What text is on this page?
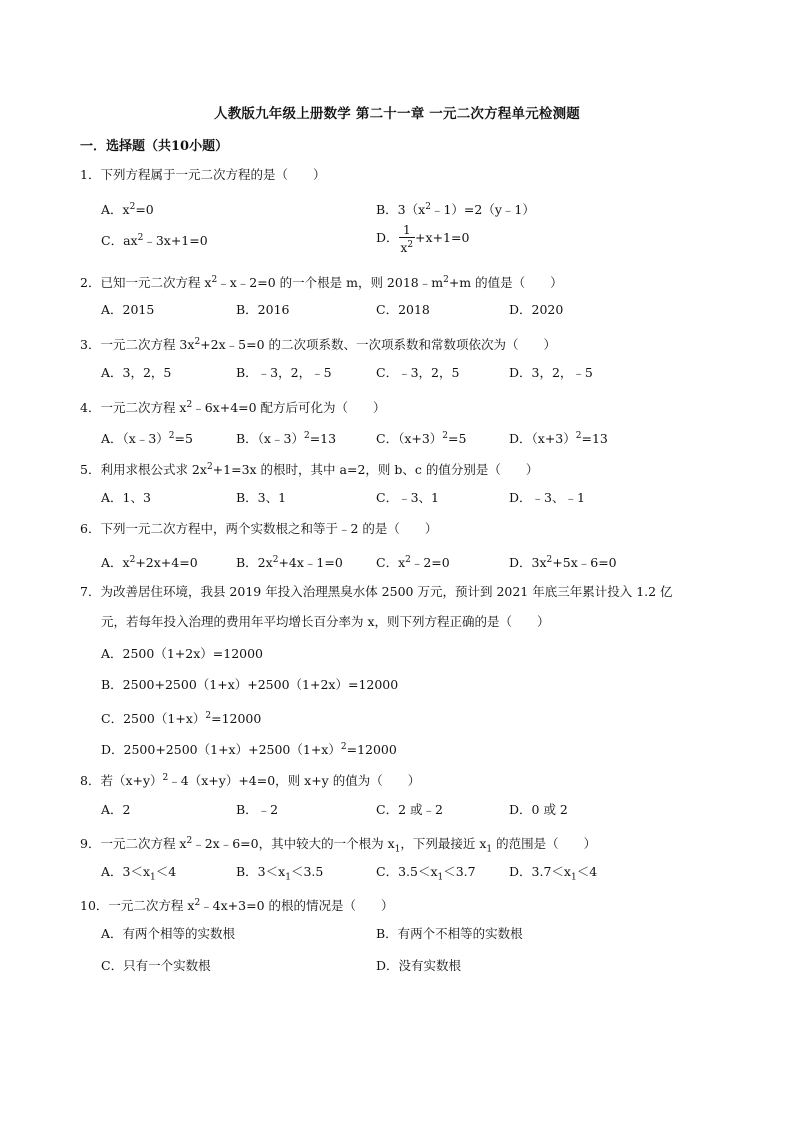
人教版九年级上册数学 第二十一章 一元二次方程单元检测题
一．选择题（共10小题）
1．下列方程属于一元二次方程的是（　　）
A．$x^2=0$	B．$3(x^2﹣1)=2(y﹣1)$
C．$ax^2﹣3x+1=0$	D． $\frac{1}{x^2} +x+1=0$
2．已知一元二次方程 $x^2﹣x﹣2=0$ 的一个根是 m，则 $2018﹣m^2+m$ 的值是（　　）
A．2015	B．2016	C．2018	D．2020
3．一元二次方程 $3x^2+2x﹣5=0$ 的二次项系数、一次项系数和常数项依次为（　　）
A．3，2，5	B．﹣3，2，﹣5	C．﹣3，2，5	D．3，2，﹣5
4．一元二次方程 $x^2﹣6x+4=0$ 配方后可化为（　　）
A．（x﹣3）$^2$=5	B．（x﹣3）$^2$=13	C．$(x+3)^2=5$	D．$(x+3)^2=13$
5．利用求根公式求 $2x^2+1=3x$ 的根时，其中 a=2，则 b、c 的值分别是（　　）
A．1、3	B．3、1	C．﹣3、1	D．﹣3、﹣1
6．下列一元二次方程中，两个实数根之和等于﹣2 的是（　　）
A．$x^2+2x+4=0$	B．$2x^2+4x﹣1=0$	C．$x^2﹣2=0$	D．$3x^2+5x﹣6=0$
7．为改善居住环境，我县 2019 年投入治理黑臭水体 2500 万元，预计到 2021 年底三年累计投入 1.2 亿
元，若每年投入治理的费用年平均增长百分率为 x，则下列方程正确的是（　　）
A．2500（1+2x）=12000
B．2500+2500（1+x）+2500（1+2x）=12000
C．$2500(1+x)^2=12000$
D．$2500+2500(1+x)+2500(1+x)^2=12000$
8．若$(x+y)^2﹣4(x+y)+4=0$，则 x+y 的值为（　　）
A．2	B．﹣2	C．2 或﹣2	D．0 或 2
9．一元二次方程 $x^2﹣2x﹣6=0$，其中较大的一个根为 $x_1$，下列最接近 $x_1$ 的范围是（　　）
A．$3<x_1<4$	B．$3<x_1<3.5$	C．$3.5<x_1<3.7$	D．$3.7<x_1<4$
10．一元二次方程 $x^2﹣4x+3=0$ 的根的情况是（　　）
A．有两个相等的实数根	B．有两个不相等的实数根
C．只有一个实数根	D．没有实数根
